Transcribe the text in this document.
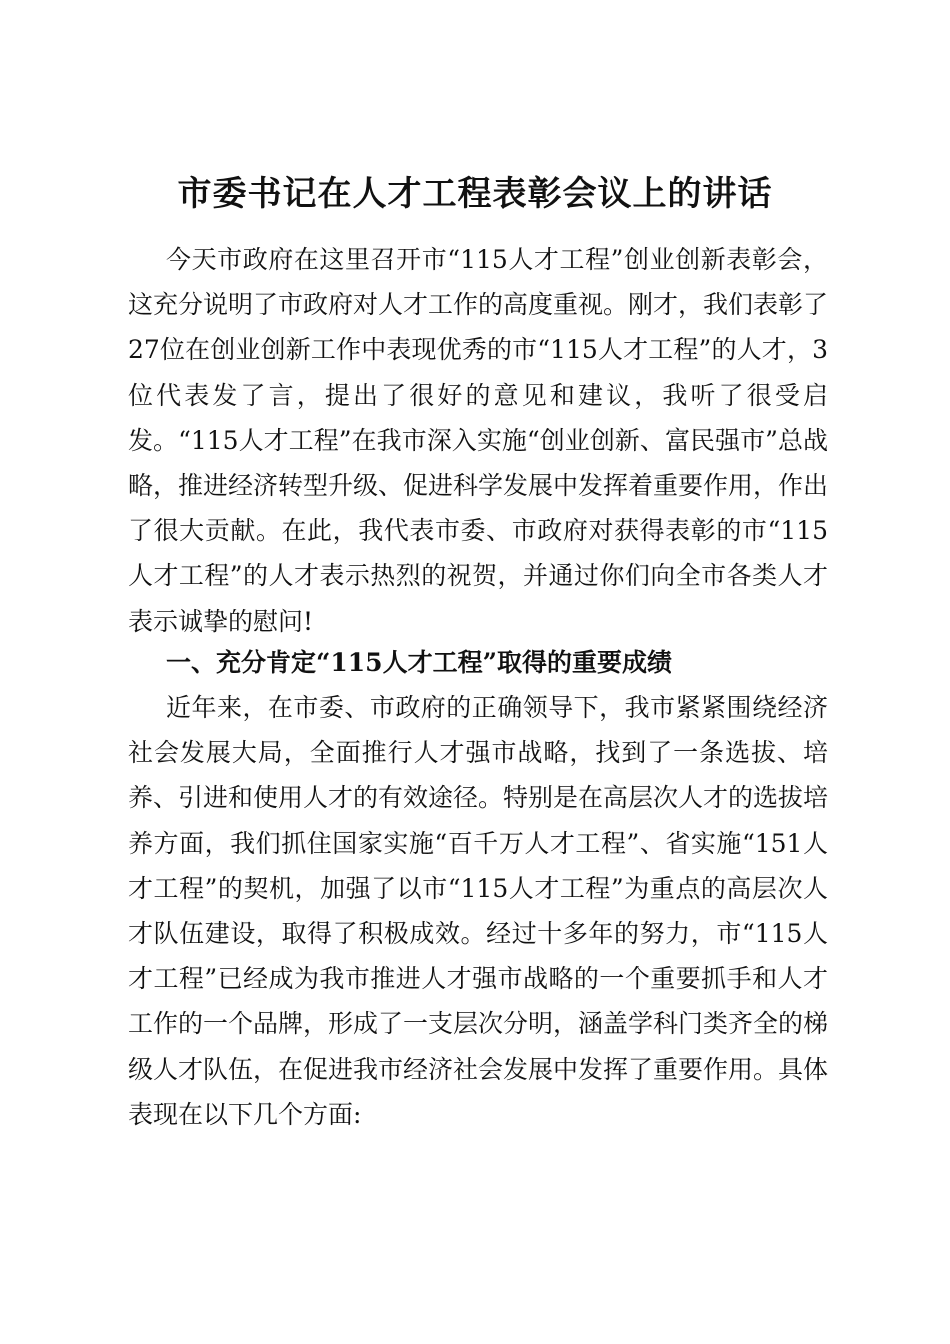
市委书记在人才工程表彰会议上的讲话

今天市政府在这里召开市“115人才工程”创业创新表彰会，这充分说明了市政府对人才工作的高度重视。刚才，我们表彰了27位在创业创新工作中表现优秀的市“115人才工程”的人才，3位代表发了言，提出了很好的意见和建议，我听了很受启发。“115人才工程”在我市深入实施“创业创新、富民强市”总战略，推进经济转型升级、促进科学发展中发挥着重要作用，作出了很大贡献。在此，我代表市委、市政府对获得表彰的市“115人才工程”的人才表示热烈的祝贺，并通过你们向全市各类人才表示诚挚的慰问!

一、充分肯定“115人才工程”取得的重要成绩

近年来，在市委、市政府的正确领导下，我市紧紧围绕经济社会发展大局，全面推行人才强市战略，找到了一条选拔、培养、引进和使用人才的有效途径。特别是在高层次人才的选拔培养方面，我们抓住国家实施“百千万人才工程”、省实施“151人才工程”的契机，加强了以市“115人才工程”为重点的高层次人才队伍建设，取得了积极成效。经过十多年的努力，市“115人才工程”已经成为我市推进人才强市战略的一个重要抓手和人才工作的一个品牌，形成了一支层次分明，涵盖学科门类齐全的梯级人才队伍，在促进我市经济社会发展中发挥了重要作用。具体表现在以下几个方面:
